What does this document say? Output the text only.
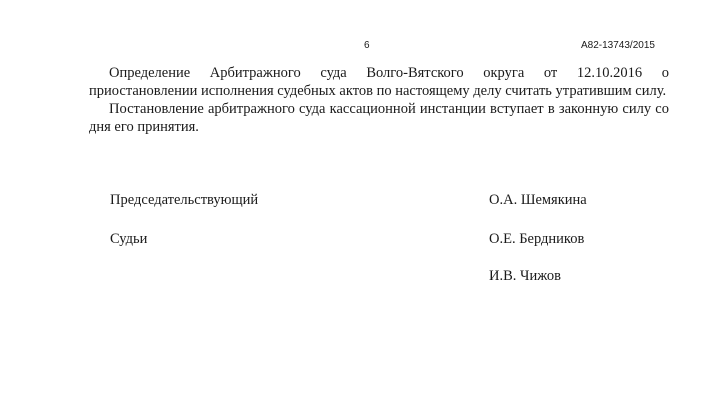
6	А82-13743/2015

Определение Арбитражного суда Волго-Вятского округа от 12.10.2016 о приостановлении исполнения судебных актов по настоящему делу считать утратившим силу.

Постановление арбитражного суда кассационной инстанции вступает в законную силу со дня его принятия.

Председательствующий	О.А. Шемякина
Судьи	О.Е. Бердников
И.В. Чижов
